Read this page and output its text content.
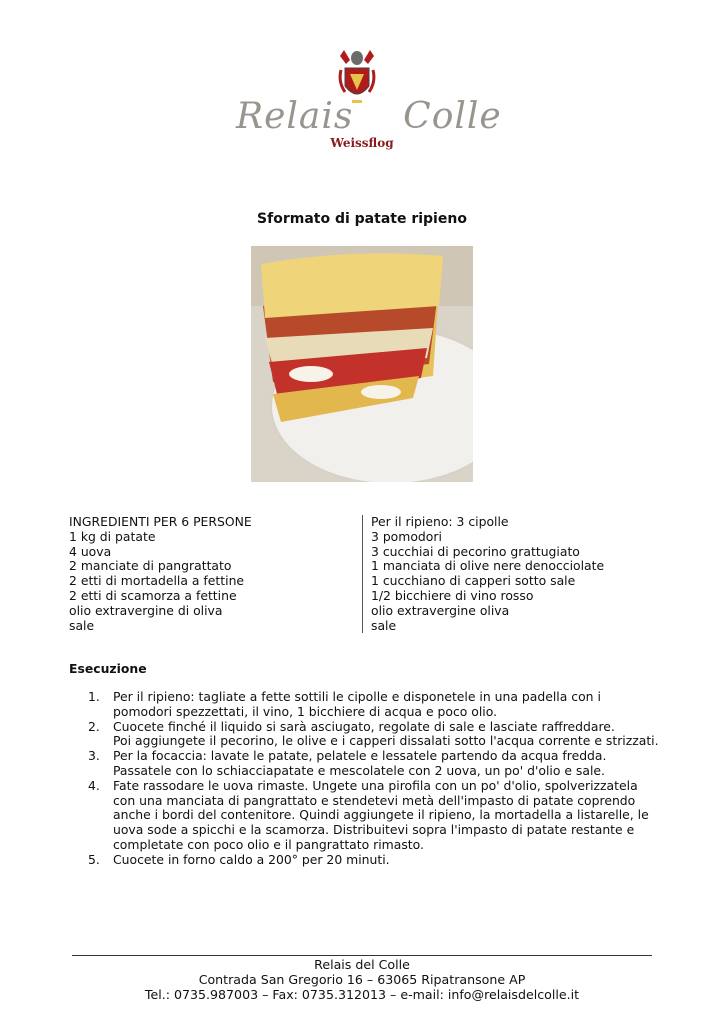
Relais Colle
Weissflog
Sformato di patate ripieno
INGREDIENTI PER 6 PERSONE
1 kg di patate
4 uova
2 manciate di pangrattato
2 etti di mortadella a fettine
2 etti di scamorza a fettine
olio extravergine di oliva
sale
Per il ripieno: 3 cipolle
3 pomodori
3 cucchiai di pecorino grattugiato
1 manciata di olive nere denocciolate
1 cucchiano di capperi sotto sale
1/2 bicchiere di vino rosso
olio extravergine oliva
sale
Esecuzione
1. Per il ripieno: tagliate a fette sottili le cipolle e disponetele in una padella con i
pomodori spezzettati, il vino, 1 bicchiere di acqua e poco olio.
2. Cuocete finché il liquido si sarà asciugato, regolate di sale e lasciate raffreddare.
Poi aggiungete il pecorino, le olive e i capperi dissalati sotto l'acqua corrente e strizzati.
3. Per la focaccia: lavate le patate, pelatele e lessatele partendo da acqua fredda.
Passatele con lo schiacciapatate e mescolatele con 2 uova, un po' d'olio e sale.
4. Fate rassodare le uova rimaste. Ungete una pirofila con un po' d'olio, spolverizzatela
con una manciata di pangrattato e stendetevi metà dell'impasto di patate coprendo
anche i bordi del contenitore. Quindi aggiungete il ripieno, la mortadella a listarelle, le
uova sode a spicchi e la scamorza. Distribuitevi sopra l'impasto di patate restante e
completate con poco olio e il pangrattato rimasto.
5. Cuocete in forno caldo a 200° per 20 minuti.
Relais del Colle
Contrada San Gregorio 16 – 63065 Ripatransone AP
Tel.: 0735.987003 – Fax: 0735.312013 – e-mail: info@relaisdelcolle.it
